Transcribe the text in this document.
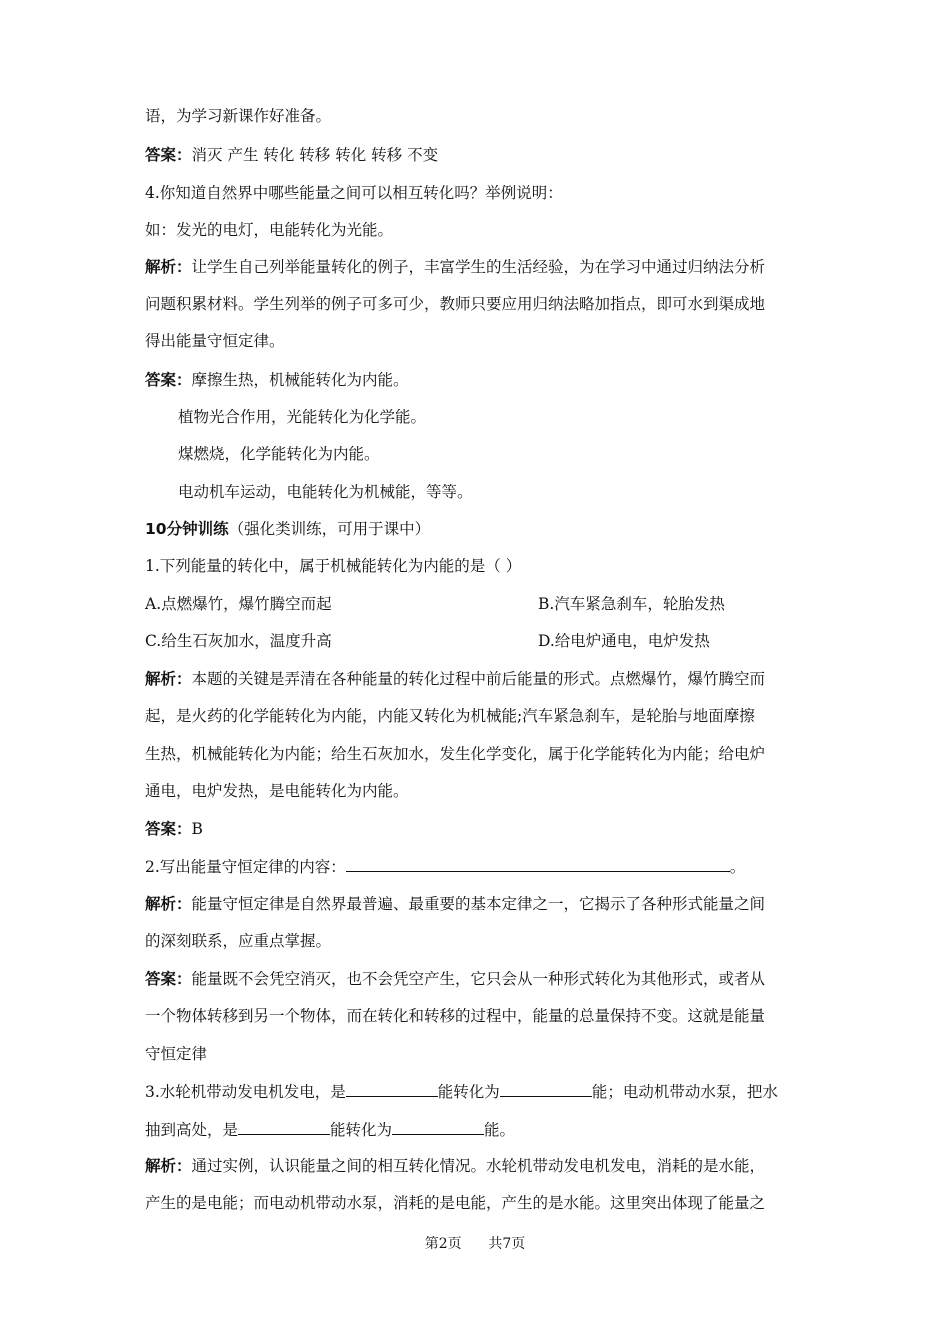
语，为学习新课作好准备。
答案：消灭 产生 转化 转移 转化 转移 不变
4.你知道自然界中哪些能量之间可以相互转化吗？举例说明：
如：发光的电灯，电能转化为光能。
解析：让学生自己列举能量转化的例子，丰富学生的生活经验，为在学习中通过归纳法分析
问题积累材料。学生列举的例子可多可少，教师只要应用归纳法略加指点，即可水到渠成地
得出能量守恒定律。
答案：摩擦生热，机械能转化为内能。
植物光合作用，光能转化为化学能。
煤燃烧，化学能转化为内能。
电动机车运动，电能转化为机械能，等等。
10分钟训练（强化类训练，可用于课中）
1.下列能量的转化中，属于机械能转化为内能的是（ ）
A.点燃爆竹，爆竹腾空而起	B.汽车紧急刹车，轮胎发热
C.给生石灰加水，温度升高	D.给电炉通电，电炉发热
解析：本题的关键是弄清在各种能量的转化过程中前后能量的形式。点燃爆竹，爆竹腾空而
起，是火药的化学能转化为内能，内能又转化为机械能;汽车紧急刹车，是轮胎与地面摩擦
生热，机械能转化为内能；给生石灰加水，发生化学变化，属于化学能转化为内能；给电炉
通电，电炉发热，是电能转化为内能。
答案：B
2.写出能量守恒定律的内容：	。
解析：能量守恒定律是自然界最普遍、最重要的基本定律之一，它揭示了各种形式能量之间
的深刻联系，应重点掌握。
答案：能量既不会凭空消灭，也不会凭空产生，它只会从一种形式转化为其他形式，或者从
一个物体转移到另一个物体，而在转化和转移的过程中，能量的总量保持不变。这就是能量
守恒定律
3.水轮机带动发电机发电，是	能转化为	能；电动机带动水泵，把水
抽到高处，是	能转化为	能。
解析：通过实例，认识能量之间的相互转化情况。水轮机带动发电机发电，消耗的是水能，
产生的是电能；而电动机带动水泵，消耗的是电能，产生的是水能。这里突出体现了能量之
第2页 共7页
